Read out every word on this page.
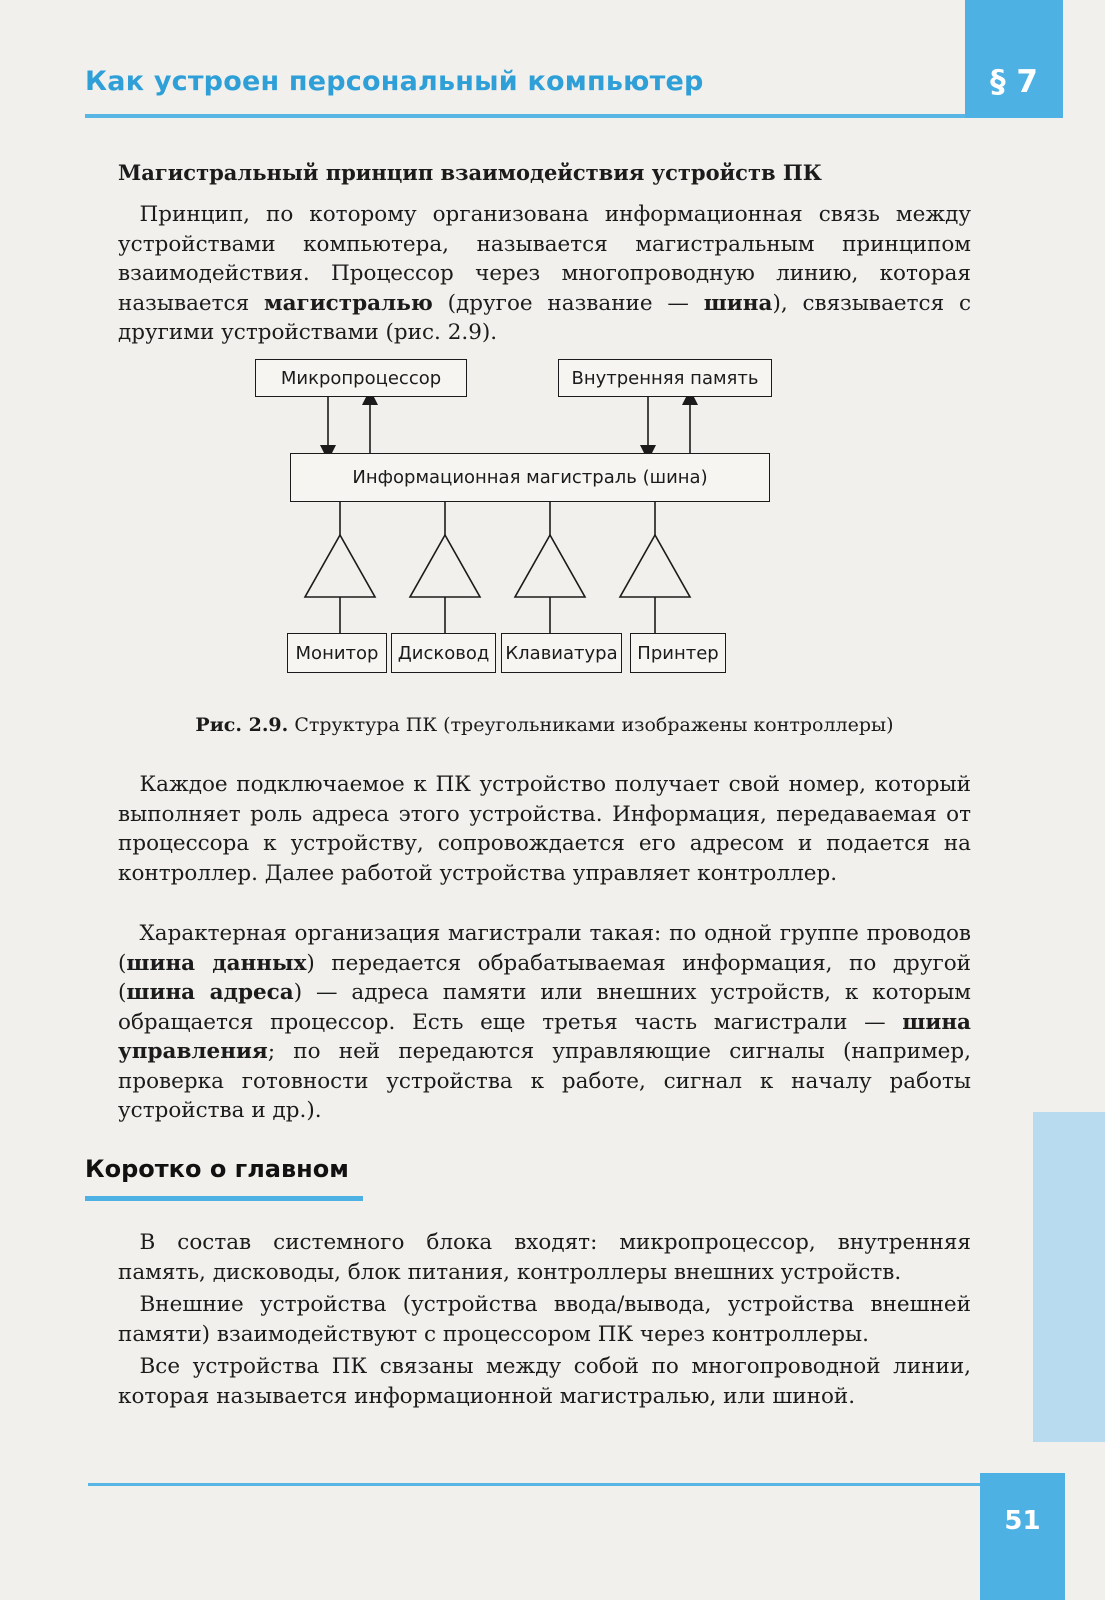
Как устроен персональный компьютер	§ 7
Магистральный принцип взаимодействия устройств ПК

 Принцип, по которому организована информационная связь между устройствами компьютера, называется магистральным принципом взаимодействия. Процессор через многопроводную линию, которая называется магистралью (другое название — шина), связывается с другими устройствами (рис. 2.9).

Микропроцессор	Внутренняя память
Информационная магистраль (шина)
Монитор	Дисковод Клавиатура	Принтер
Рис. 2.9. Структура ПК (треугольниками изображены контроллеры)

 Каждое подключаемое к ПК устройство получает свой номер, который выполняет роль адреса этого устройства. Информация, передаваемая от процессора к устройству, сопровождается его адресом и подается на контроллер. Далее работой устройства управляет контроллер.

 Характерная организация магистрали такая: по одной группе проводов (шина данных) передается обрабатываемая информация, по другой (шина адреса) — адреса памяти или внешних устройств, к которым обращается процессор. Есть еще третья часть магистрали — шина управления; по ней передаются управляющие сигналы (например, проверка готовности устройства к работе, сигнал к началу работы устройства и др.).

Коротко о главном

 В состав системного блока входят: микропроцессор, внутренняя память, дисководы, блок питания, контроллеры внешних устройств.

 Внешние устройства (устройства ввода/вывода, устройства внешней памяти) взаимодействуют с процессором ПК через контроллеры.

 Все устройства ПК связаны между собой по многопроводной линии, которая называется информационной магистралью, или шиной.

51
